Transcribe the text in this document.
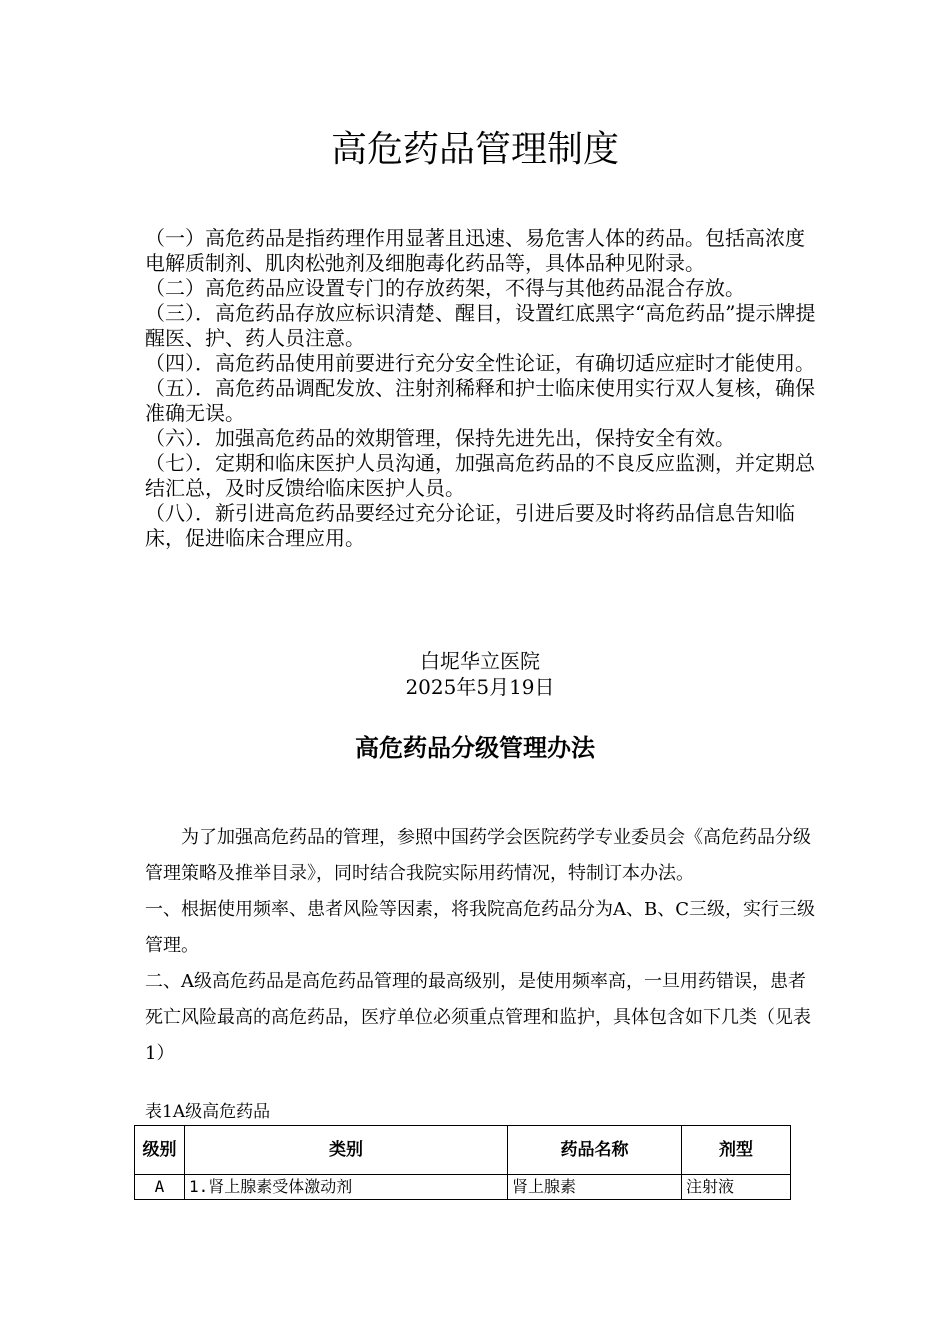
高危药品管理制度

（一）高危药品是指药理作用显著且迅速、易危害人体的药品。包括高浓度电解质制剂、肌肉松弛剂及细胞毒化药品等，具体品种见附录。

（二）高危药品应设置专门的存放药架，不得与其他药品混合存放。

（三）．高危药品存放应标识清楚、醒目，设置红底黑字“高危药品”提示牌提醒医、护、药人员注意。

（四）．高危药品使用前要进行充分安全性论证，有确切适应症时才能使用。

（五）．高危药品调配发放、注射剂稀释和护士临床使用实行双人复核，确保准确无误。

（六）．加强高危药品的效期管理，保持先进先出，保持安全有效。

（七）．定期和临床医护人员沟通，加强高危药品的不良反应监测，并定期总结汇总，及时反馈给临床医护人员。

（八）．新引进高危药品要经过充分论证，引进后要及时将药品信息告知临床，促进临床合理应用。

白坭华立医院
2025年5月19日
高危药品分级管理办法

为了加强高危药品的管理，参照中国药学会医院药学专业委员会《高危药品分级管理策略及推举目录》，同时结合我院实际用药情况，特制订本办法。

一、根据使用频率、患者风险等因素，将我院高危药品分为A、B、C三级，实行三级管理。

二、A级高危药品是高危药品管理的最高级别，是使用频率高，一旦用药错误，患者死亡风险最高的高危药品，医疗单位必须重点管理和监护，具体包含如下几类（见表1）

表1A级高危药品
级别	类别	药品名称	剂型
A	1.肾上腺素受体激动剂	肾上腺素	注射液
